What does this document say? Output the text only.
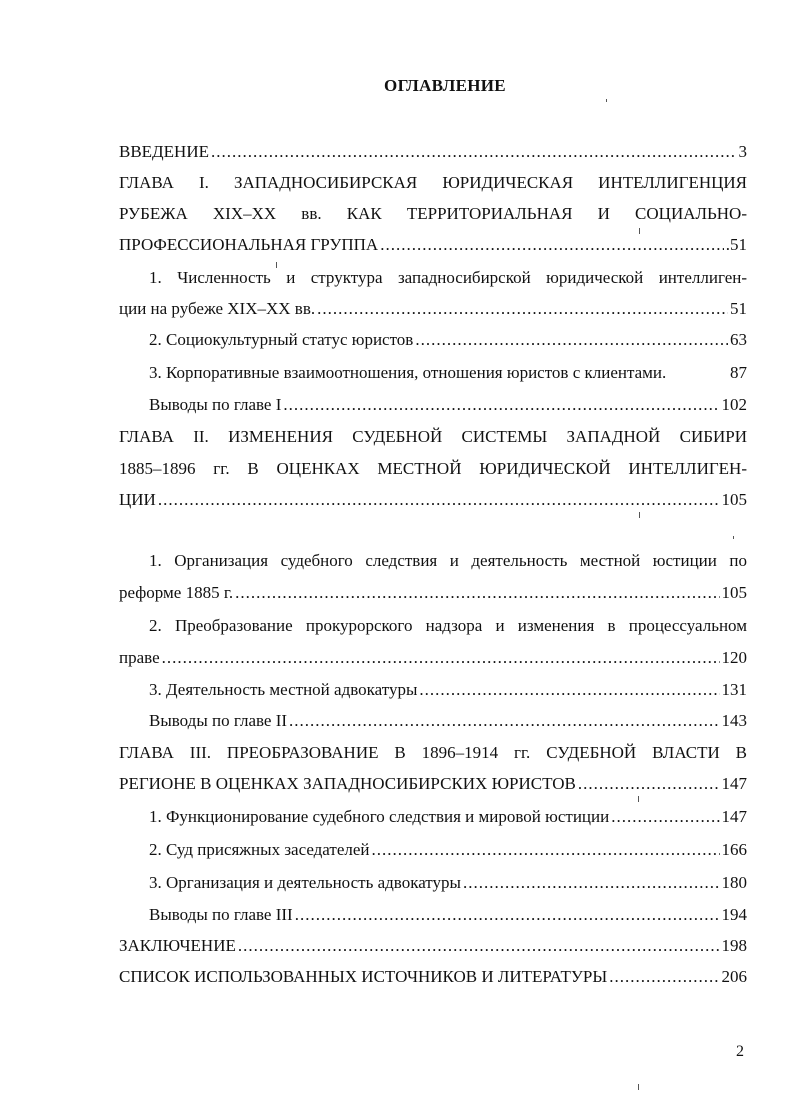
ОГЛАВЛЕНИЕ
ВВЕДЕНИЕ .....	3
ГЛАВА I. ЗАПАДНОСИБИРСКАЯ ЮРИДИЧЕСКАЯ ИНТЕЛЛИГЕНЦИЯ
РУБЕЖА XIX–XX вв. КАК ТЕРРИТОРИАЛЬНАЯ И СОЦИАЛЬНО-
ПРОФЕССИОНАЛЬНАЯ ГРУППА .....	.51
1. Численность и структура западносибирской юридической интеллиген-
ции на рубеже XIX–XX вв. .....	51
2. Социокультурный статус юристов .....	63
3. Корпоративные взаимоотношения, отношения юристов с клиентами.	87
Выводы по главе I .....	102
ГЛАВА II. ИЗМЕНЕНИЯ СУДЕБНОЙ СИСТЕМЫ ЗАПАДНОЙ СИБИРИ
1885–1896 гг. В ОЦЕНКАХ МЕСТНОЙ ЮРИДИЧЕСКОЙ ИНТЕЛЛИГЕН-
ЦИИ .....	105
1. Организация судебного следствия и деятельность местной юстиции по
реформе 1885 г. .....	105
2. Преобразование прокурорского надзора и изменения в процессуальном
праве .....	120
3. Деятельность местной адвокатуры .....	131
Выводы по главе II .....	143
ГЛАВА III. ПРЕОБРАЗОВАНИЕ В 1896–1914 гг. СУДЕБНОЙ ВЛАСТИ В
РЕГИОНЕ В ОЦЕНКАХ ЗАПАДНОСИБИРСКИХ ЮРИСТОВ .....	147
1. Функционирование судебного следствия и мировой юстиции .....	147
2. Суд присяжных заседателей .....	166
3. Организация и деятельность адвокатуры .....	180
Выводы по главе III .....	194
ЗАКЛЮЧЕНИЕ .....	198
СПИСОК ИСПОЛЬЗОВАННЫХ ИСТОЧНИКОВ И ЛИТЕРАТУРЫ .....	206
2
